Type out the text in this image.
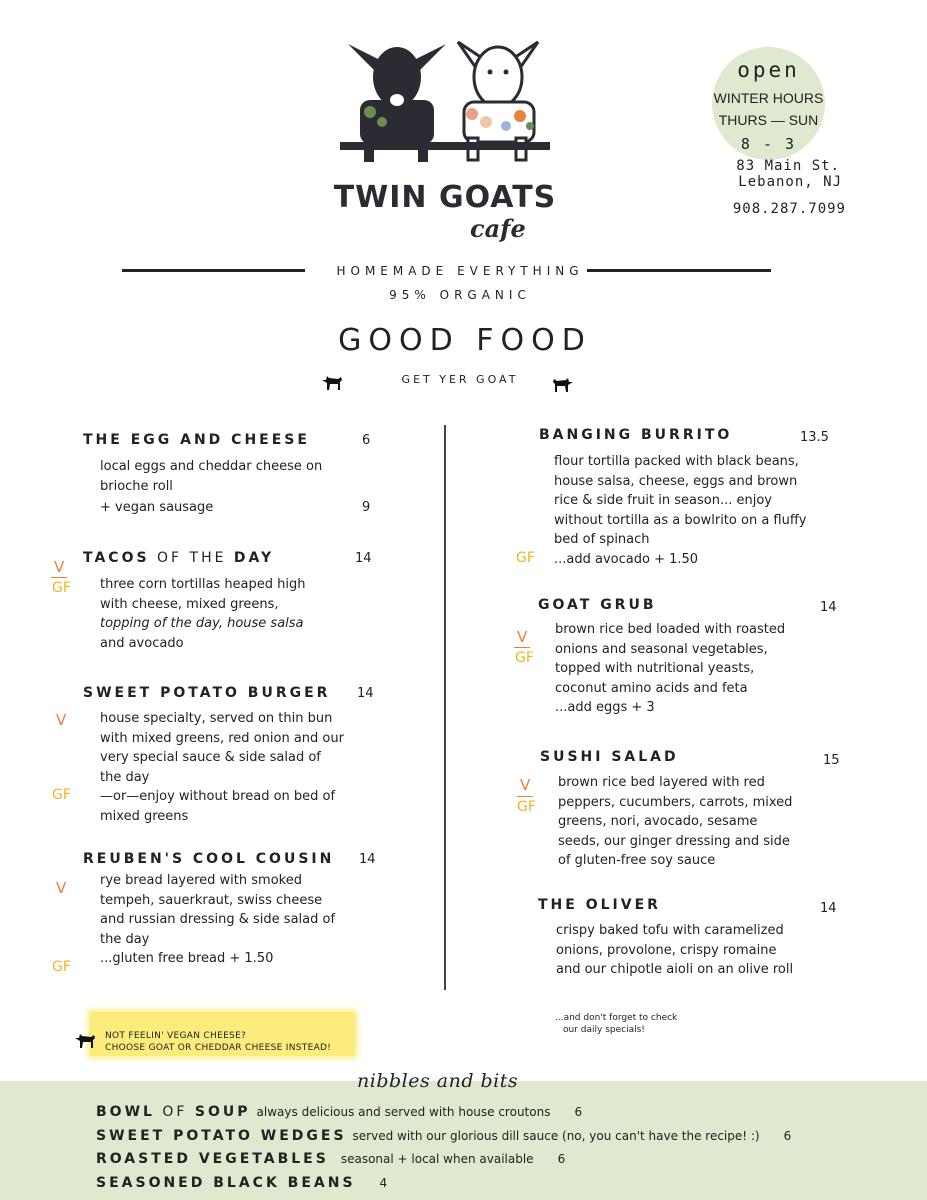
TWIN GOATS
cafe
open
WINTER HOURS
THURS — SUN
8 - 3
83 Main St.
Lebanon, NJ
908.287.7099
HOMEMADE EVERYTHING
95% ORGANIC
GOOD FOOD
GET YER GOAT
THE EGG AND CHEESE	6

local eggs and cheddar cheese on

brioche roll

+ vegan sausage	9
V
GF
TACOS OF THE DAY	14

three corn tortillas heaped high

with cheese, mixed greens,

topping of the day, house salsa

and avocado

V
GF
SWEET POTATO BURGER 14

house specialty, served on thin bun

with mixed greens, red onion and our

very special sauce & side salad of

the day

—or—enjoy without bread on bed of

mixed greens

V
GF
REUBEN'S COOL COUSIN 14

rye bread layered with smoked

tempeh, sauerkraut, swiss cheese

and russian dressing & side salad of

the day

...gluten free bread + 1.50

BANGING BURRITO	13.5

flour tortilla packed with black beans,

house salsa, cheese, eggs and brown

rice & side fruit in season... enjoy

without tortilla as a bowlrito on a fluffy

bed of spinach

...add avocado + 1.50

GF
GOAT GRUB	14
V
GF

brown rice bed loaded with roasted

onions and seasonal vegetables,

topped with nutritional yeasts,

coconut amino acids and feta

...add eggs + 3

SUSHI SALAD	15
V
GF

brown rice bed layered with red

peppers, cucumbers, carrots, mixed

greens, nori, avocado, sesame

seeds, our ginger dressing and side

of gluten-free soy sauce

THE OLIVER	14

crispy baked tofu with caramelized

onions, provolone, crispy romaine

and our chipotle aioli on an olive roll

NOT FEELIN' VEGAN CHEESE?
CHOOSE GOAT OR CHEDDAR CHEESE INSTEAD!
...and don't forget to check
our daily specials!
nibbles and bits
BOWL OF SOUP always delicious and served with house croutons 6
SWEET POTATO WEDGES served with our glorious dill sauce (no, you can't have the recipe! :) 6
ROASTED VEGETABLES seasonal + local when available 6
SEASONED BLACK BEANS 4
